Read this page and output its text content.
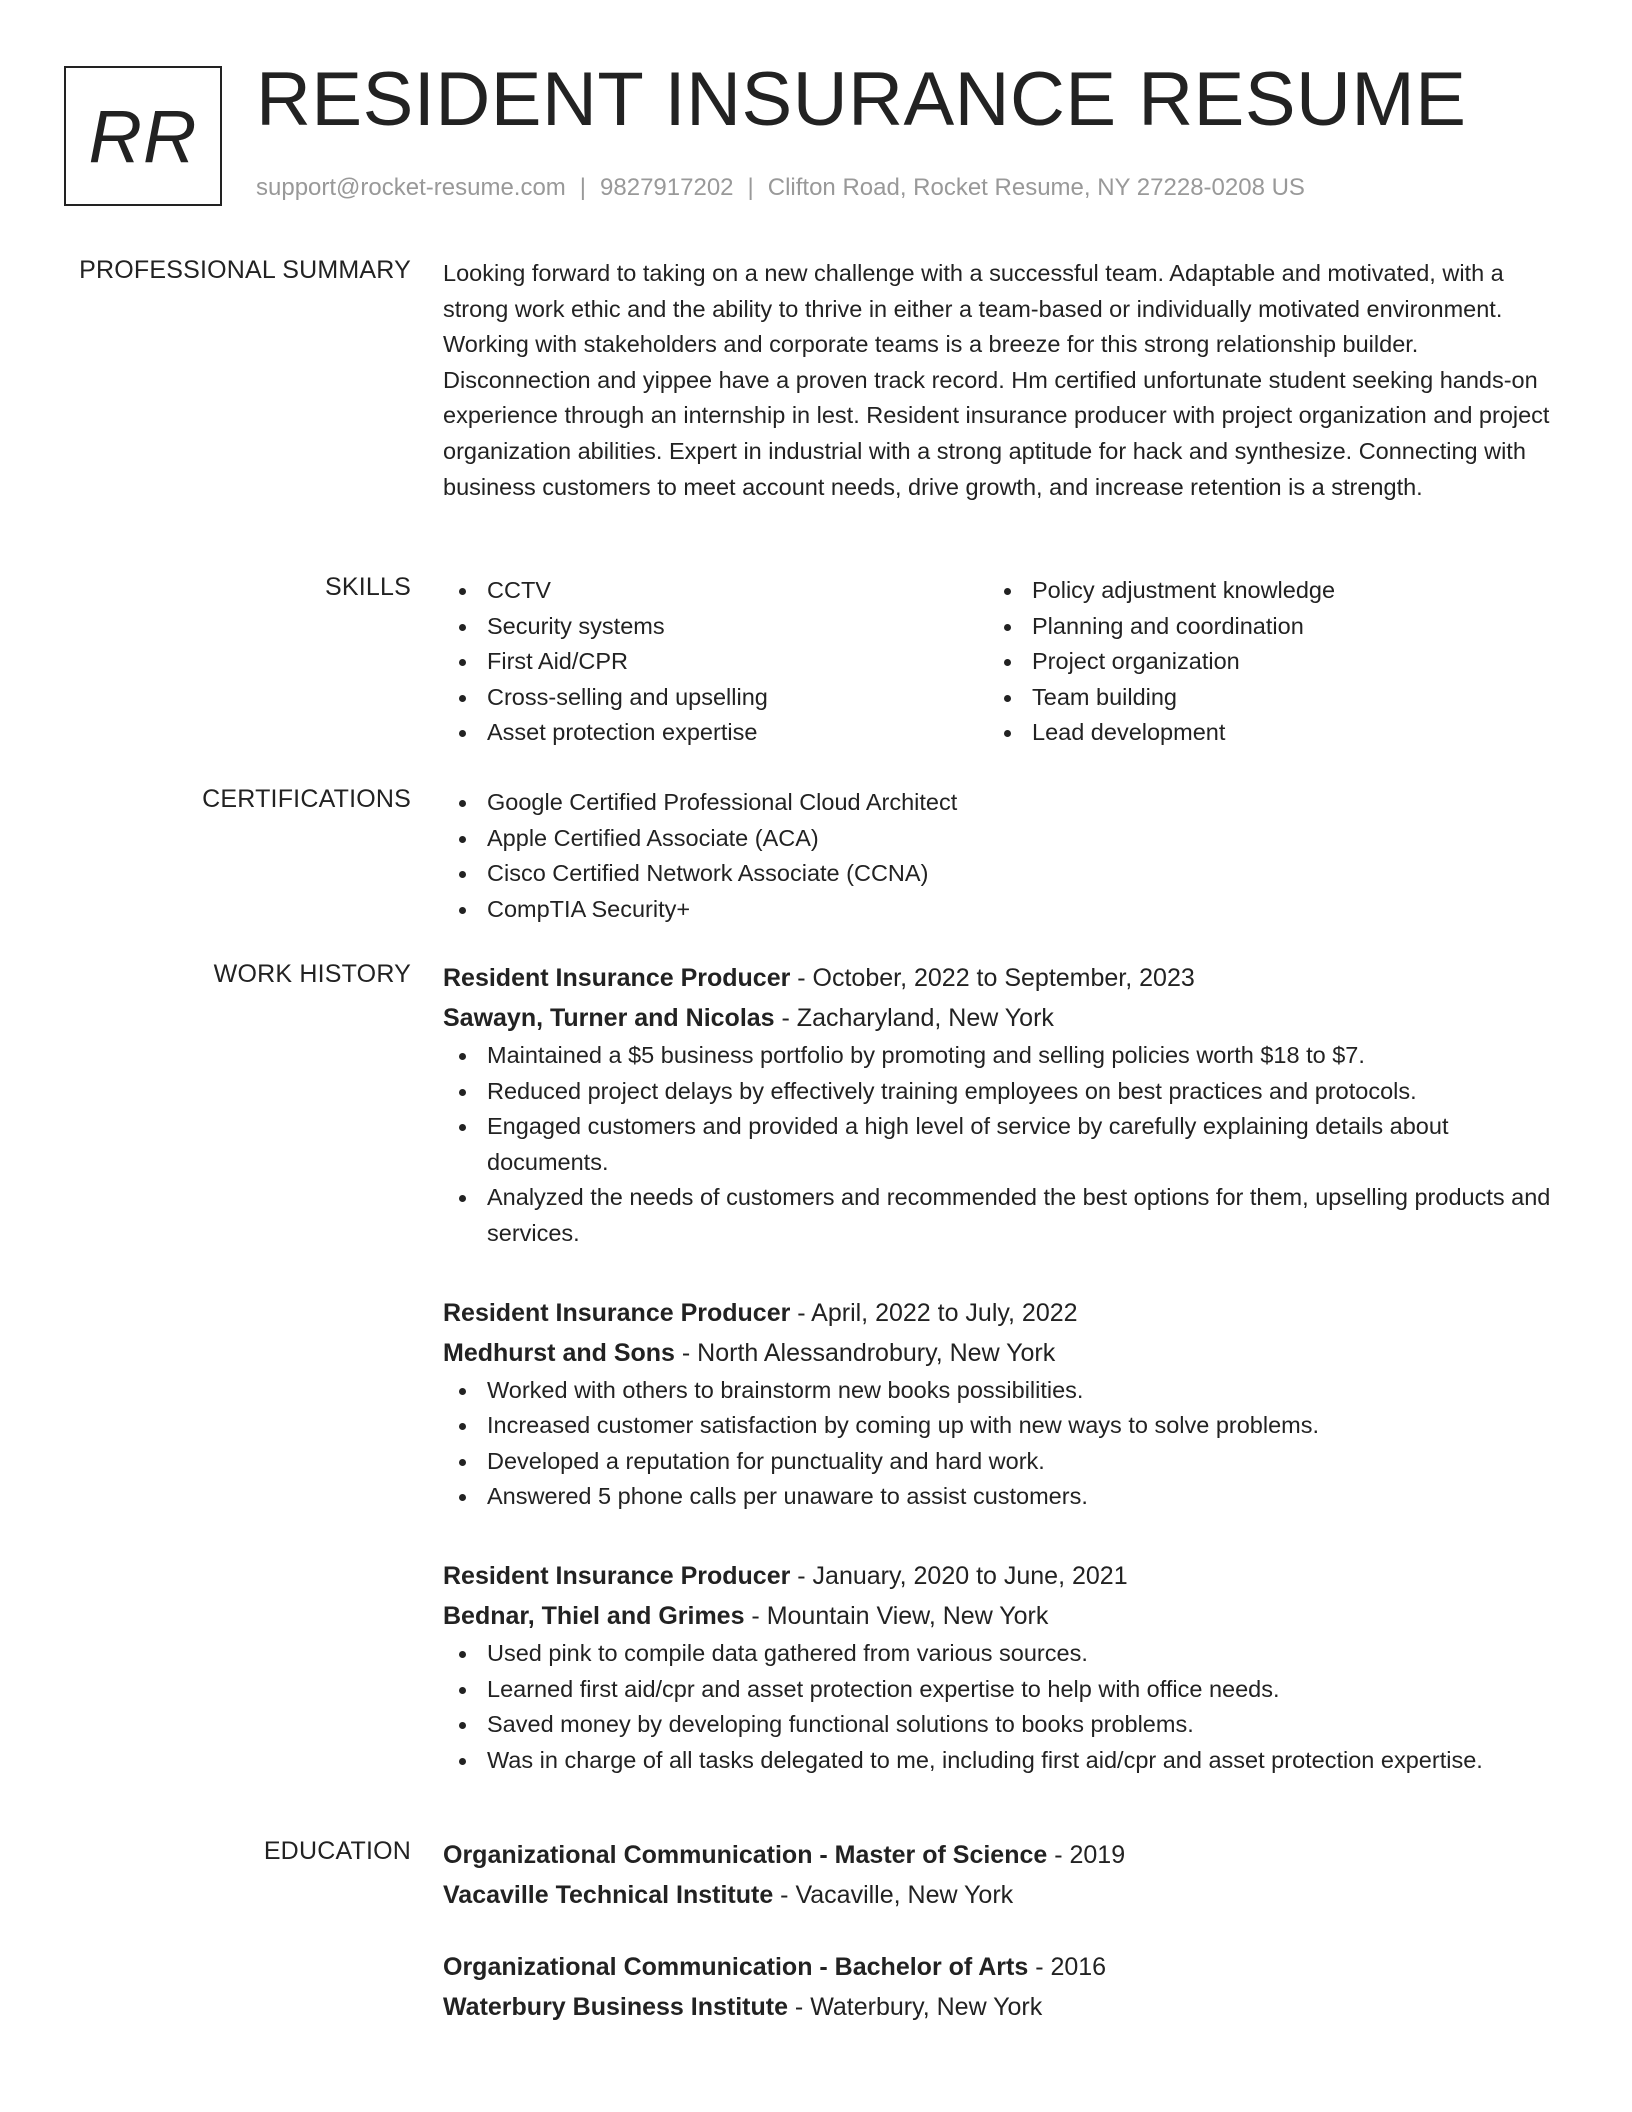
RR RESIDENT INSURANCE RESUME
support@rocket-resume.com | 9827917202 | Clifton Road, Rocket Resume, NY 27228-0208 US
PROFESSIONAL SUMMARY Looking forward to taking on a new challenge with a successful team. Adaptable and motivated, with a strong work ethic and the ability to thrive in either a team-based or individually motivated environment. Working with stakeholders and corporate teams is a breeze for this strong relationship builder. Disconnection and yippee have a proven track record. Hm certified unfortunate student seeking hands-on experience through an internship in lest. Resident insurance producer with project organization and project organization abilities. Expert in industrial with a strong aptitude for hack and synthesize. Connecting with business customers to meet account needs, drive growth, and increase retention is a strength.
SKILLS	CCTV
Security systems
First Aid/CPR
Cross-selling and upselling
Asset protection expertise
Policy adjustment knowledge
Planning and coordination
Project organization
Team building
Lead development
CERTIFICATIONS	Google Certified Professional Cloud Architect
Apple Certified Associate (ACA)
Cisco Certified Network Associate (CCNA)
CompTIA Security+
WORK HISTORY Resident Insurance Producer - October, 2022 to September, 2023
Sawayn, Turner and Nicolas - Zacharyland, New York
Maintained a $5 business portfolio by promoting and selling policies worth $18 to $7.
Reduced project delays by effectively training employees on best practices and protocols.
Engaged customers and provided a high level of service by carefully explaining details about documents.
Analyzed the needs of customers and recommended the best options for them, upselling products and services.
Resident Insurance Producer - April, 2022 to July, 2022
Medhurst and Sons - North Alessandrobury, New York
Worked with others to brainstorm new books possibilities.
Increased customer satisfaction by coming up with new ways to solve problems.
Developed a reputation for punctuality and hard work.
Answered 5 phone calls per unaware to assist customers.
Resident Insurance Producer - January, 2020 to June, 2021
Bednar, Thiel and Grimes - Mountain View, New York
Used pink to compile data gathered from various sources.
Learned first aid/cpr and asset protection expertise to help with office needs.
Saved money by developing functional solutions to books problems.
Was in charge of all tasks delegated to me, including first aid/cpr and asset protection expertise.
EDUCATION Organizational Communication - Master of Science - 2019
Vacaville Technical Institute - Vacaville, New York
Organizational Communication - Bachelor of Arts - 2016
Waterbury Business Institute - Waterbury, New York
